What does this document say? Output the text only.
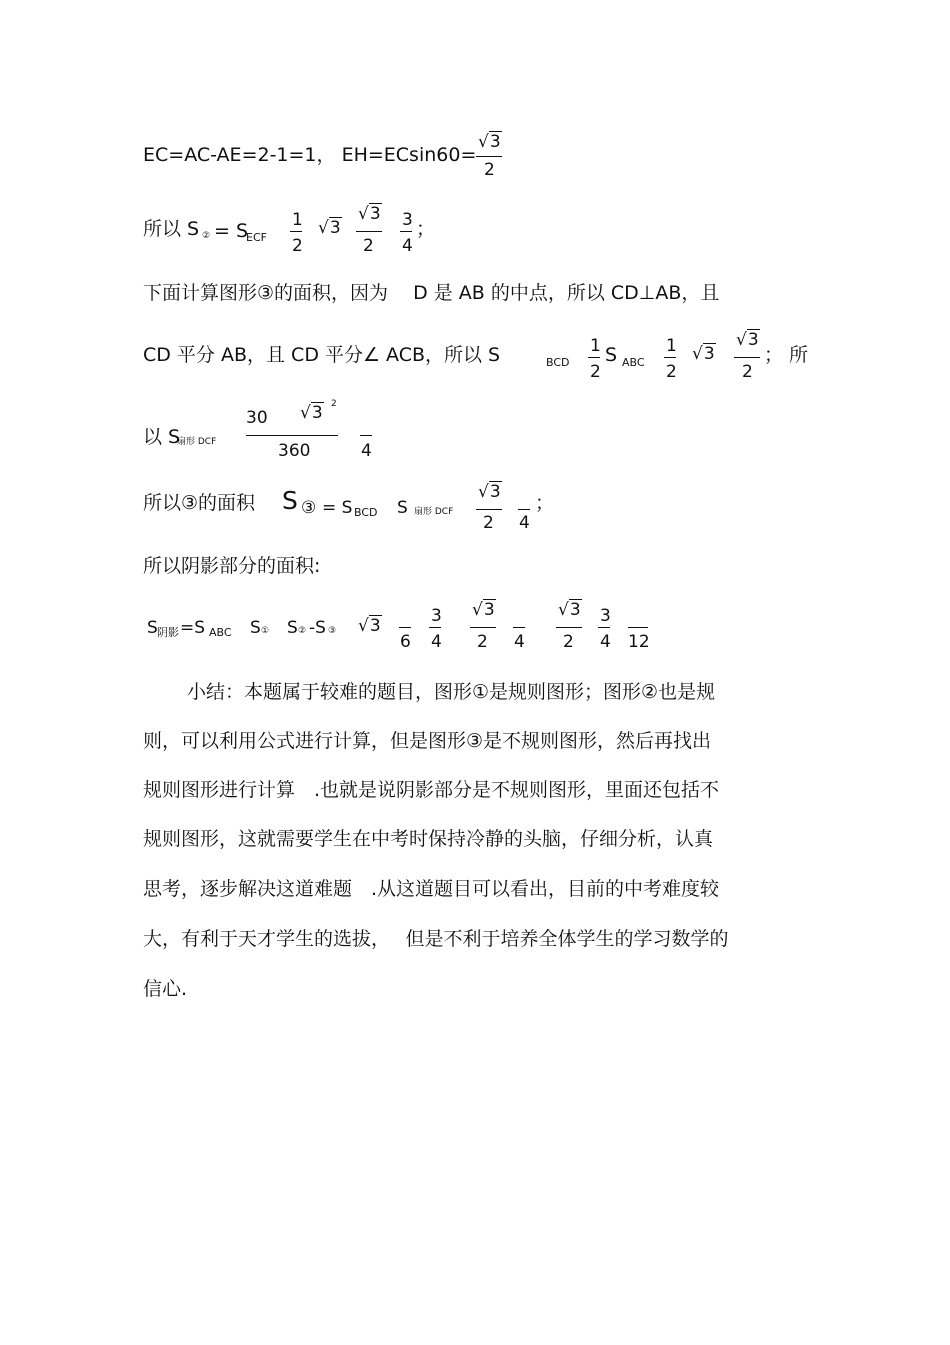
EC=AC-AE=2-1=1， EH=ECsin60=
√3
2
所以 S ② = S
ECF
1
2
√3
√3
2
3
4
；
下面计算图形③的面积，因为　 D 是 AB 的中点，所以 CD⊥AB，且
CD 平分 AB，且 CD 平分∠ ACB，所以 S	BCD
1
2
S ABC
1
2
√3
√3
2
； 所
以 S
扇形 DCF
30 √3 2
360	4
所以③的面积 S ③ = S BCD S 扇形 DCF
√3
2 4
；
所以阴影部分的面积:
S 阴影 =S ABC S ① S ② -S ③ √3
6
3
4
√3
2 4
√3
2
3
4 12
小结：本题属于较难的题目，图形①是规则图形；图形②也是规
则，可以利用公式进行计算，但是图形③是不规则图形，然后再找出
规则图形进行计算　.也就是说阴影部分是不规则图形，里面还包括不
规则图形，这就需要学生在中考时保持冷静的头脑，仔细分析，认真
思考，逐步解决这道难题　.从这道题目可以看出，目前的中考难度较
大，有利于天才学生的选拔，　 但是不利于培养全体学生的学习数学的
信心.
